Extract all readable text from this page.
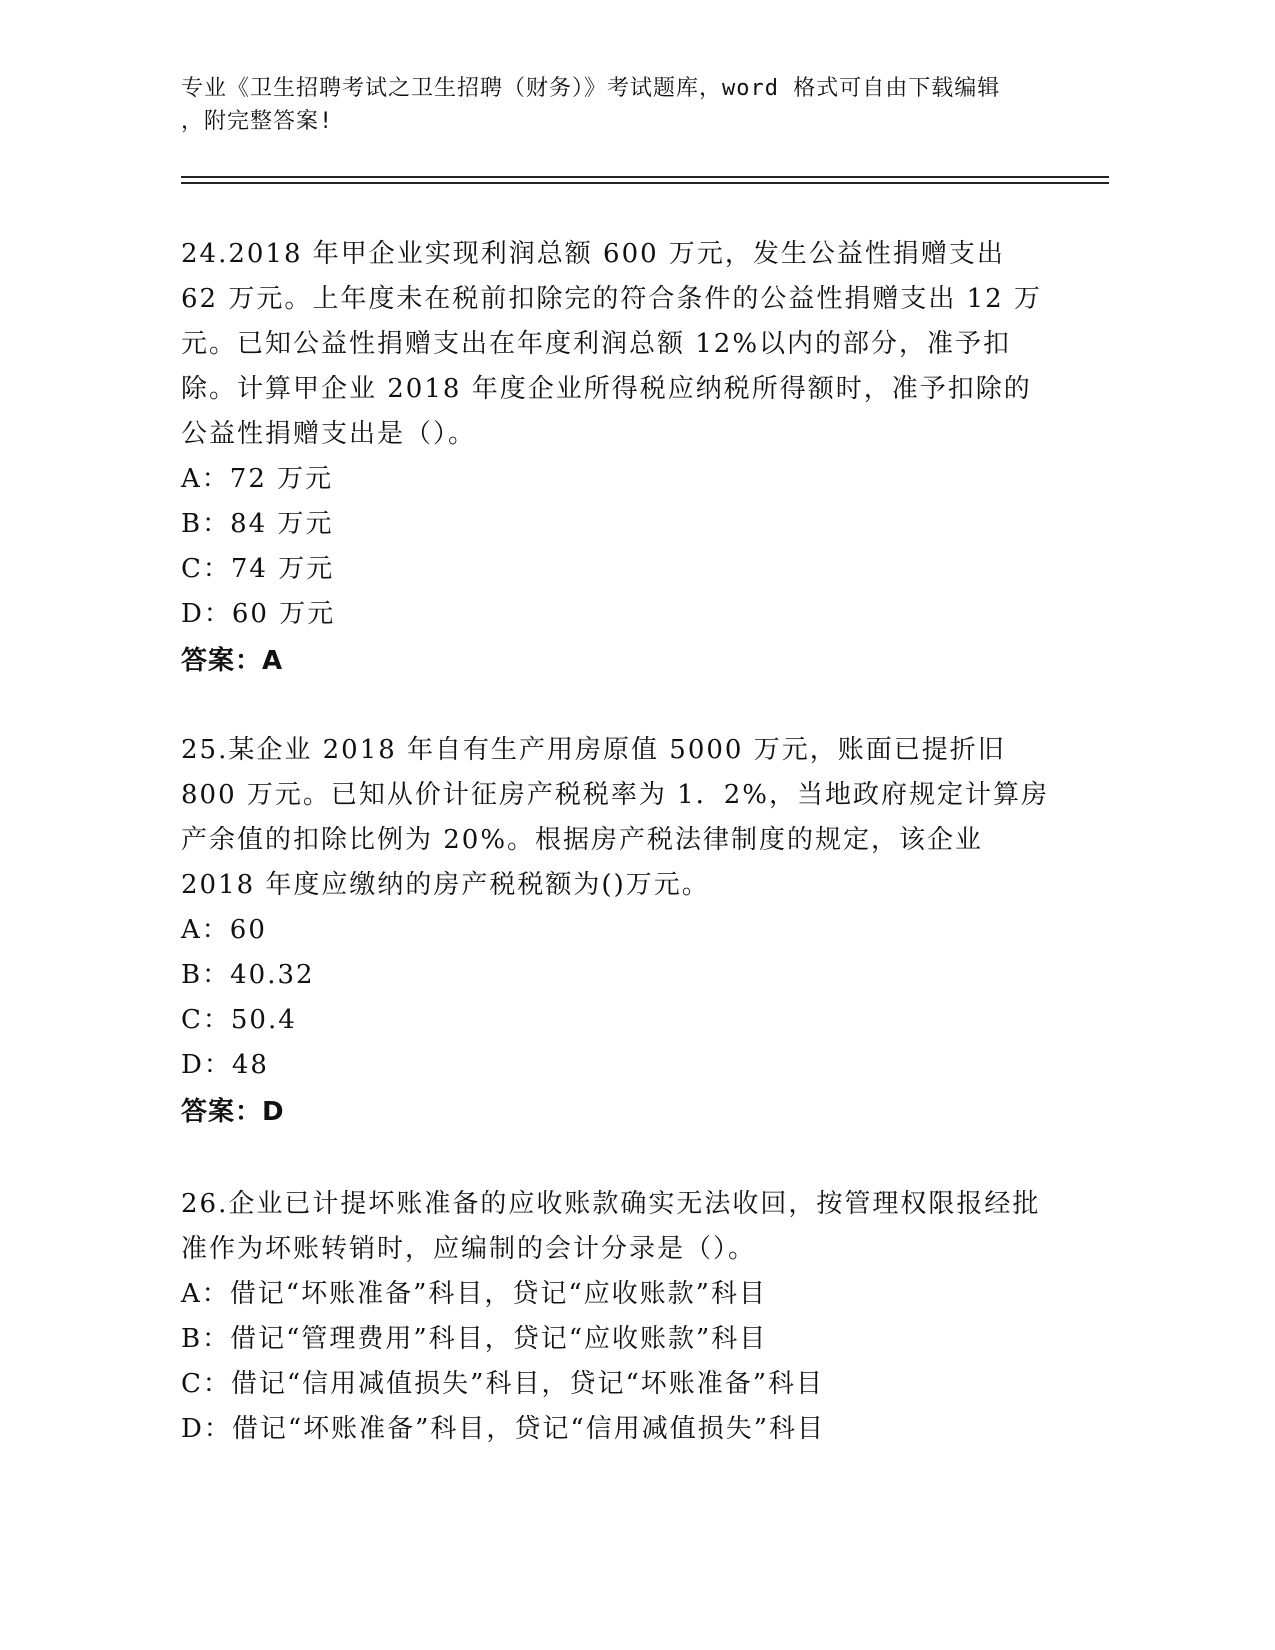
专业《卫生招聘考试之卫生招聘（财务）》考试题库，word 格式可自由下载编辑
，附完整答案!
24.2018 年甲企业实现利润总额 600 万元，发生公益性捐赠支出 62 万元。上年度未在税前扣除完的符合条件的公益性捐赠支出 12 万元。已知公益性捐赠支出在年度利润总额 12%以内的部分，准予扣除。计算甲企业 2018 年度企业所得税应纳税所得额时，准予扣除的公益性捐赠支出是（）。
A：72 万元
B：84 万元
C：74 万元
D：60 万元
答案：A
25.某企业 2018 年自有生产用房原值 5000 万元，账面已提折旧 800 万元。已知从价计征房产税税率为 1．2%，当地政府规定计算房产余值的扣除比例为 20%。根据房产税法律制度的规定，该企业 2018 年度应缴纳的房产税税额为()万元。
A：60
B：40.32
C：50.4
D：48
答案：D
26.企业已计提坏账准备的应收账款确实无法收回，按管理权限报经批准作为坏账转销时，应编制的会计分录是（）。
A：借记“坏账准备”科目，贷记“应收账款”科目
B：借记“管理费用”科目，贷记“应收账款”科目
C：借记“信用减值损失”科目，贷记“坏账准备”科目
D：借记“坏账准备”科目，贷记“信用减值损失”科目
